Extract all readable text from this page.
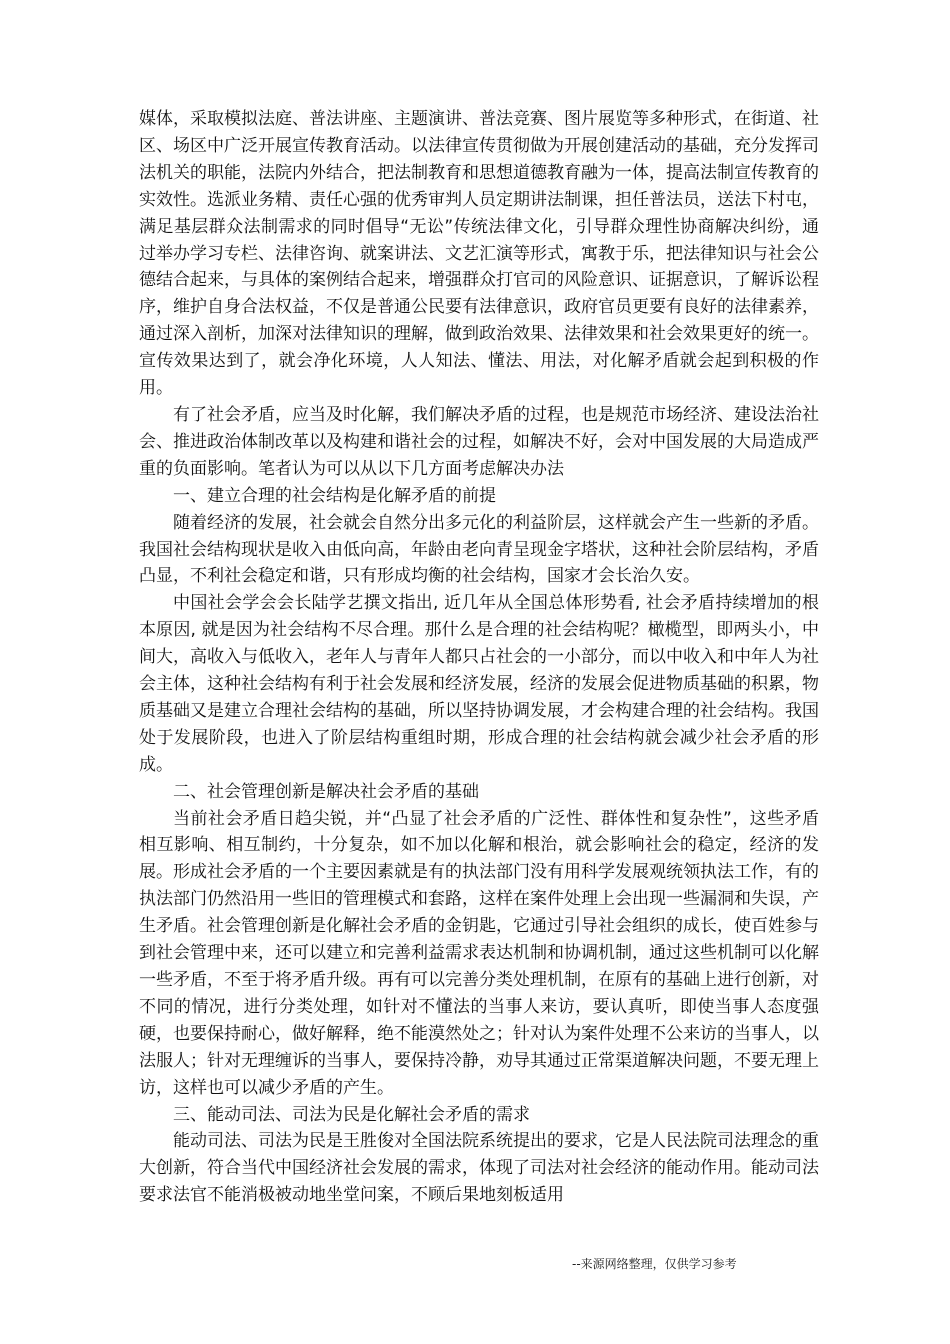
媒体，采取模拟法庭、普法讲座、主题演讲、普法竞赛、图片展览等多种形式，在街道、社区、场区中广泛开展宣传教育活动。以法律宣传贯彻做为开展创建活动的基础，充分发挥司法机关的职能，法院内外结合，把法制教育和思想道德教育融为一体，提高法制宣传教育的实效性。选派业务精、责任心强的优秀审判人员定期讲法制课，担任普法员，送法下村屯，满足基层群众法制需求的同时倡导“无讼”传统法律文化，引导群众理性协商解决纠纷，通过举办学习专栏、法律咨询、就案讲法、文艺汇演等形式，寓教于乐，把法律知识与社会公德结合起来，与具体的案例结合起来，增强群众打官司的风险意识、证据意识，了解诉讼程序，维护自身合法权益，不仅是普通公民要有法律意识，政府官员更要有良好的法律素养，通过深入剖析，加深对法律知识的理解，做到政治效果、法律效果和社会效果更好的统一。宣传效果达到了，就会净化环境，人人知法、懂法、用法，对化解矛盾就会起到积极的作用。

有了社会矛盾，应当及时化解，我们解决矛盾的过程，也是规范市场经济、建设法治社会、推进政治体制改革以及构建和谐社会的过程，如解决不好，会对中国发展的大局造成严重的负面影响。笔者认为可以从以下几方面考虑解决办法

一、建立合理的社会结构是化解矛盾的前提

随着经济的发展，社会就会自然分出多元化的利益阶层，这样就会产生一些新的矛盾。我国社会结构现状是收入由低向高，年龄由老向青呈现金字塔状，这种社会阶层结构，矛盾凸显，不利社会稳定和谐，只有形成均衡的社会结构，国家才会长治久安。

中国社会学会会长陆学艺撰文指出, 近几年从全国总体形势看, 社会矛盾持续增加的根本原因, 就是因为社会结构不尽合理。那什么是合理的社会结构呢？橄榄型，即两头小，中间大，高收入与低收入，老年人与青年人都只占社会的一小部分，而以中收入和中年人为社会主体，这种社会结构有利于社会发展和经济发展，经济的发展会促进物质基础的积累，物质基础又是建立合理社会结构的基础，所以坚持协调发展，才会构建合理的社会结构。我国处于发展阶段，也进入了阶层结构重组时期，形成合理的社会结构就会减少社会矛盾的形成。

二、社会管理创新是解决社会矛盾的基础

当前社会矛盾日趋尖锐，并“凸显了社会矛盾的广泛性、群体性和复杂性”，这些矛盾相互影响、相互制约，十分复杂，如不加以化解和根治，就会影响社会的稳定，经济的发展。形成社会矛盾的一个主要因素就是有的执法部门没有用科学发展观统领执法工作，有的执法部门仍然沿用一些旧的管理模式和套路，这样在案件处理上会出现一些漏洞和失误，产生矛盾。社会管理创新是化解社会矛盾的金钥匙，它通过引导社会组织的成长，使百姓参与到社会管理中来，还可以建立和完善利益需求表达机制和协调机制，通过这些机制可以化解一些矛盾，不至于将矛盾升级。再有可以完善分类处理机制，在原有的基础上进行创新，对不同的情况，进行分类处理，如针对不懂法的当事人来访，要认真听，即使当事人态度强硬，也要保持耐心，做好解释，绝不能漠然处之；针对认为案件处理不公来访的当事人，以法服人；针对无理缠诉的当事人，要保持冷静，劝导其通过正常渠道解决问题，不要无理上访，这样也可以减少矛盾的产生。

三、能动司法、司法为民是化解社会矛盾的需求

能动司法、司法为民是王胜俊对全国法院系统提出的要求，它是人民法院司法理念的重大创新，符合当代中国经济社会发展的需求，体现了司法对社会经济的能动作用。能动司法要求法官不能消极被动地坐堂问案，不顾后果地刻板适用

--来源网络整理，仅供学习参考
